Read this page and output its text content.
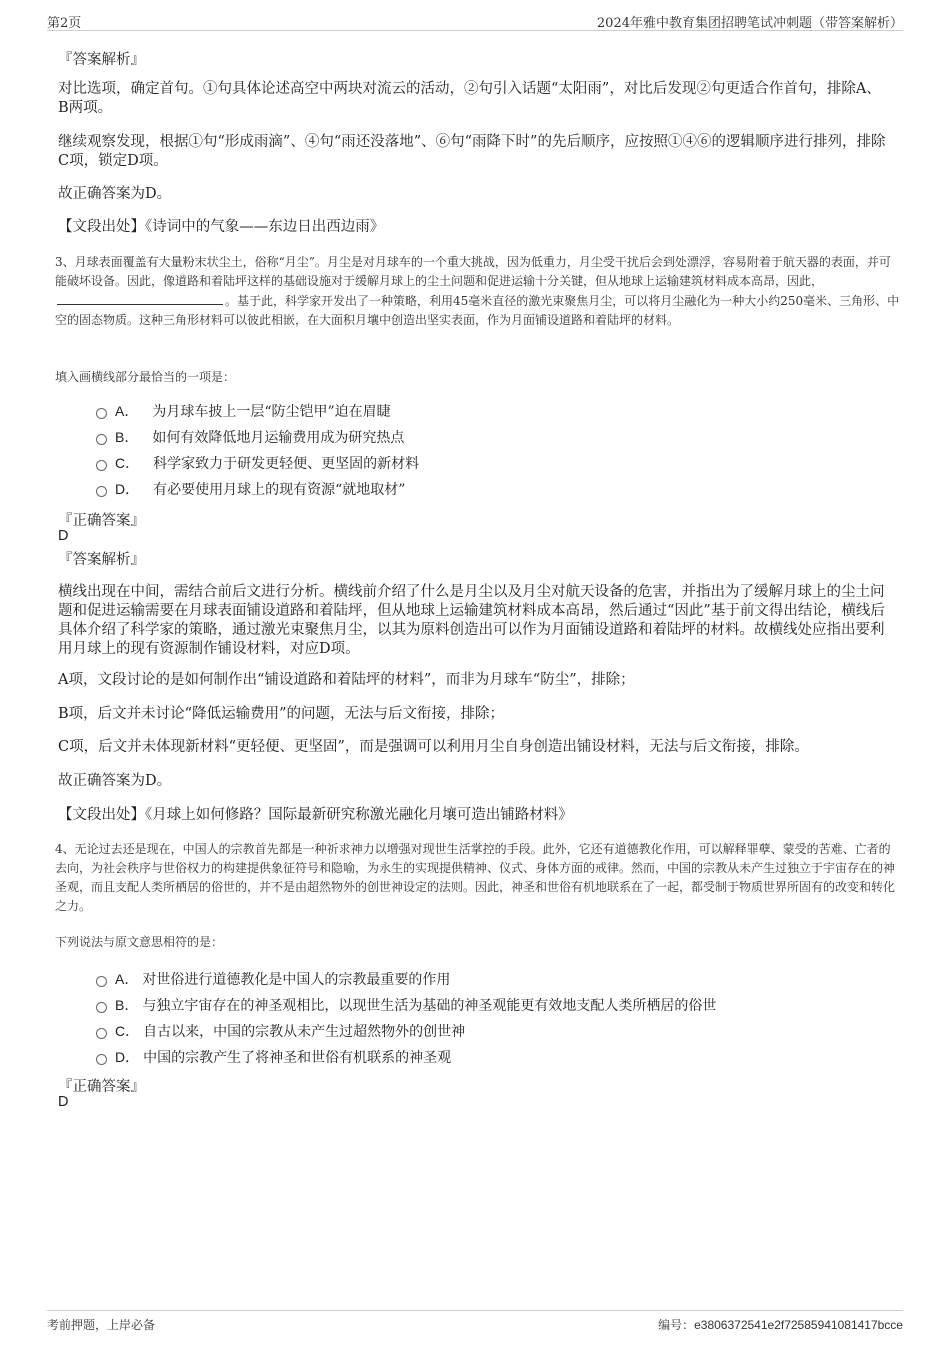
第2页	2024年雅中教育集团招聘笔试冲刺题（带答案解析）
『答案解析』
对比选项，确定首句。①句具体论述高空中两块对流云的活动，②句引入话题“太阳雨”，对比后发现②句更适合作首句，排除A、B两项。
继续观察发现，根据①句“形成雨滴”、④句“雨还没落地”、⑥句“雨降下时”的先后顺序，应按照①④⑥的逻辑顺序进行排列，排除C项，锁定D项。
故正确答案为D。
【文段出处】《诗词中的气象——东边日出西边雨》
3、月球表面覆盖有大量粉末状尘土，俗称“月尘”。月尘是对月球车的一个重大挑战，因为低重力，月尘受干扰后会到处漂浮，容易附着于航天器的表面，并可能破坏设备。因此，像道路和着陆坪这样的基础设施对于缓解月球上的尘土问题和促进运输十分关键，但从地球上运输建筑材料成本高昂，因此，。基于此，科学家开发出了一种策略，利用45毫米直径的激光束聚焦月尘，可以将月尘融化为一种大小约250毫米、三角形、中空的固态物质。这种三角形材料可以彼此相嵌，在大面积月壤中创造出坚实表面，作为月面铺设道路和着陆坪的材料。
填入画横线部分最恰当的一项是：
A． 为月球车披上一层“防尘铠甲”迫在眉睫
B． 如何有效降低地月运输费用成为研究热点
C． 科学家致力于研发更轻便、更坚固的新材料
D． 有必要使用月球上的现有资源“就地取材”
『正确答案』
D
『答案解析』
横线出现在中间，需结合前后文进行分析。横线前介绍了什么是月尘以及月尘对航天设备的危害，并指出为了缓解月球上的尘土问题和促进运输需要在月球表面铺设道路和着陆坪，但从地球上运输建筑材料成本高昂，然后通过“因此”基于前文得出结论，横线后具体介绍了科学家的策略，通过激光束聚焦月尘，以其为原料创造出可以作为月面铺设道路和着陆坪的材料。故横线处应指出要利用月球上的现有资源制作铺设材料，对应D项。
A项，文段讨论的是如何制作出“铺设道路和着陆坪的材料”，而非为月球车“防尘”，排除；
B项，后文并未讨论“降低运输费用”的问题，无法与后文衔接，排除；
C项，后文并未体现新材料“更轻便、更坚固”，而是强调可以利用月尘自身创造出铺设材料，无法与后文衔接，排除。
故正确答案为D。
【文段出处】《月球上如何修路？国际最新研究称激光融化月壤可造出铺路材料》
4、无论过去还是现在，中国人的宗教首先都是一种祈求神力以增强对现世生活掌控的手段。此外，它还有道德教化作用，可以解释罪孽、蒙受的苦难、亡者的去向，为社会秩序与世俗权力的构建提供象征符号和隐喻，为永生的实现提供精神、仪式、身体方面的戒律。然而，中国的宗教从未产生过独立于宇宙存在的神圣观，而且支配人类所栖居的俗世的，并不是由超然物外的创世神设定的法则。因此，神圣和世俗有机地联系在了一起，都受制于物质世界所固有的改变和转化之力。
下列说法与原文意思相符的是：
A． 对世俗进行道德教化是中国人的宗教最重要的作用
B． 与独立宇宙存在的神圣观相比，以现世生活为基础的神圣观能更有效地支配人类所栖居的俗世
C． 自古以来，中国的宗教从未产生过超然物外的创世神
D． 中国的宗教产生了将神圣和世俗有机联系的神圣观
『正确答案』
D
考前押题，上岸必备	编号：e3806372541e2f72585941081417bcce
